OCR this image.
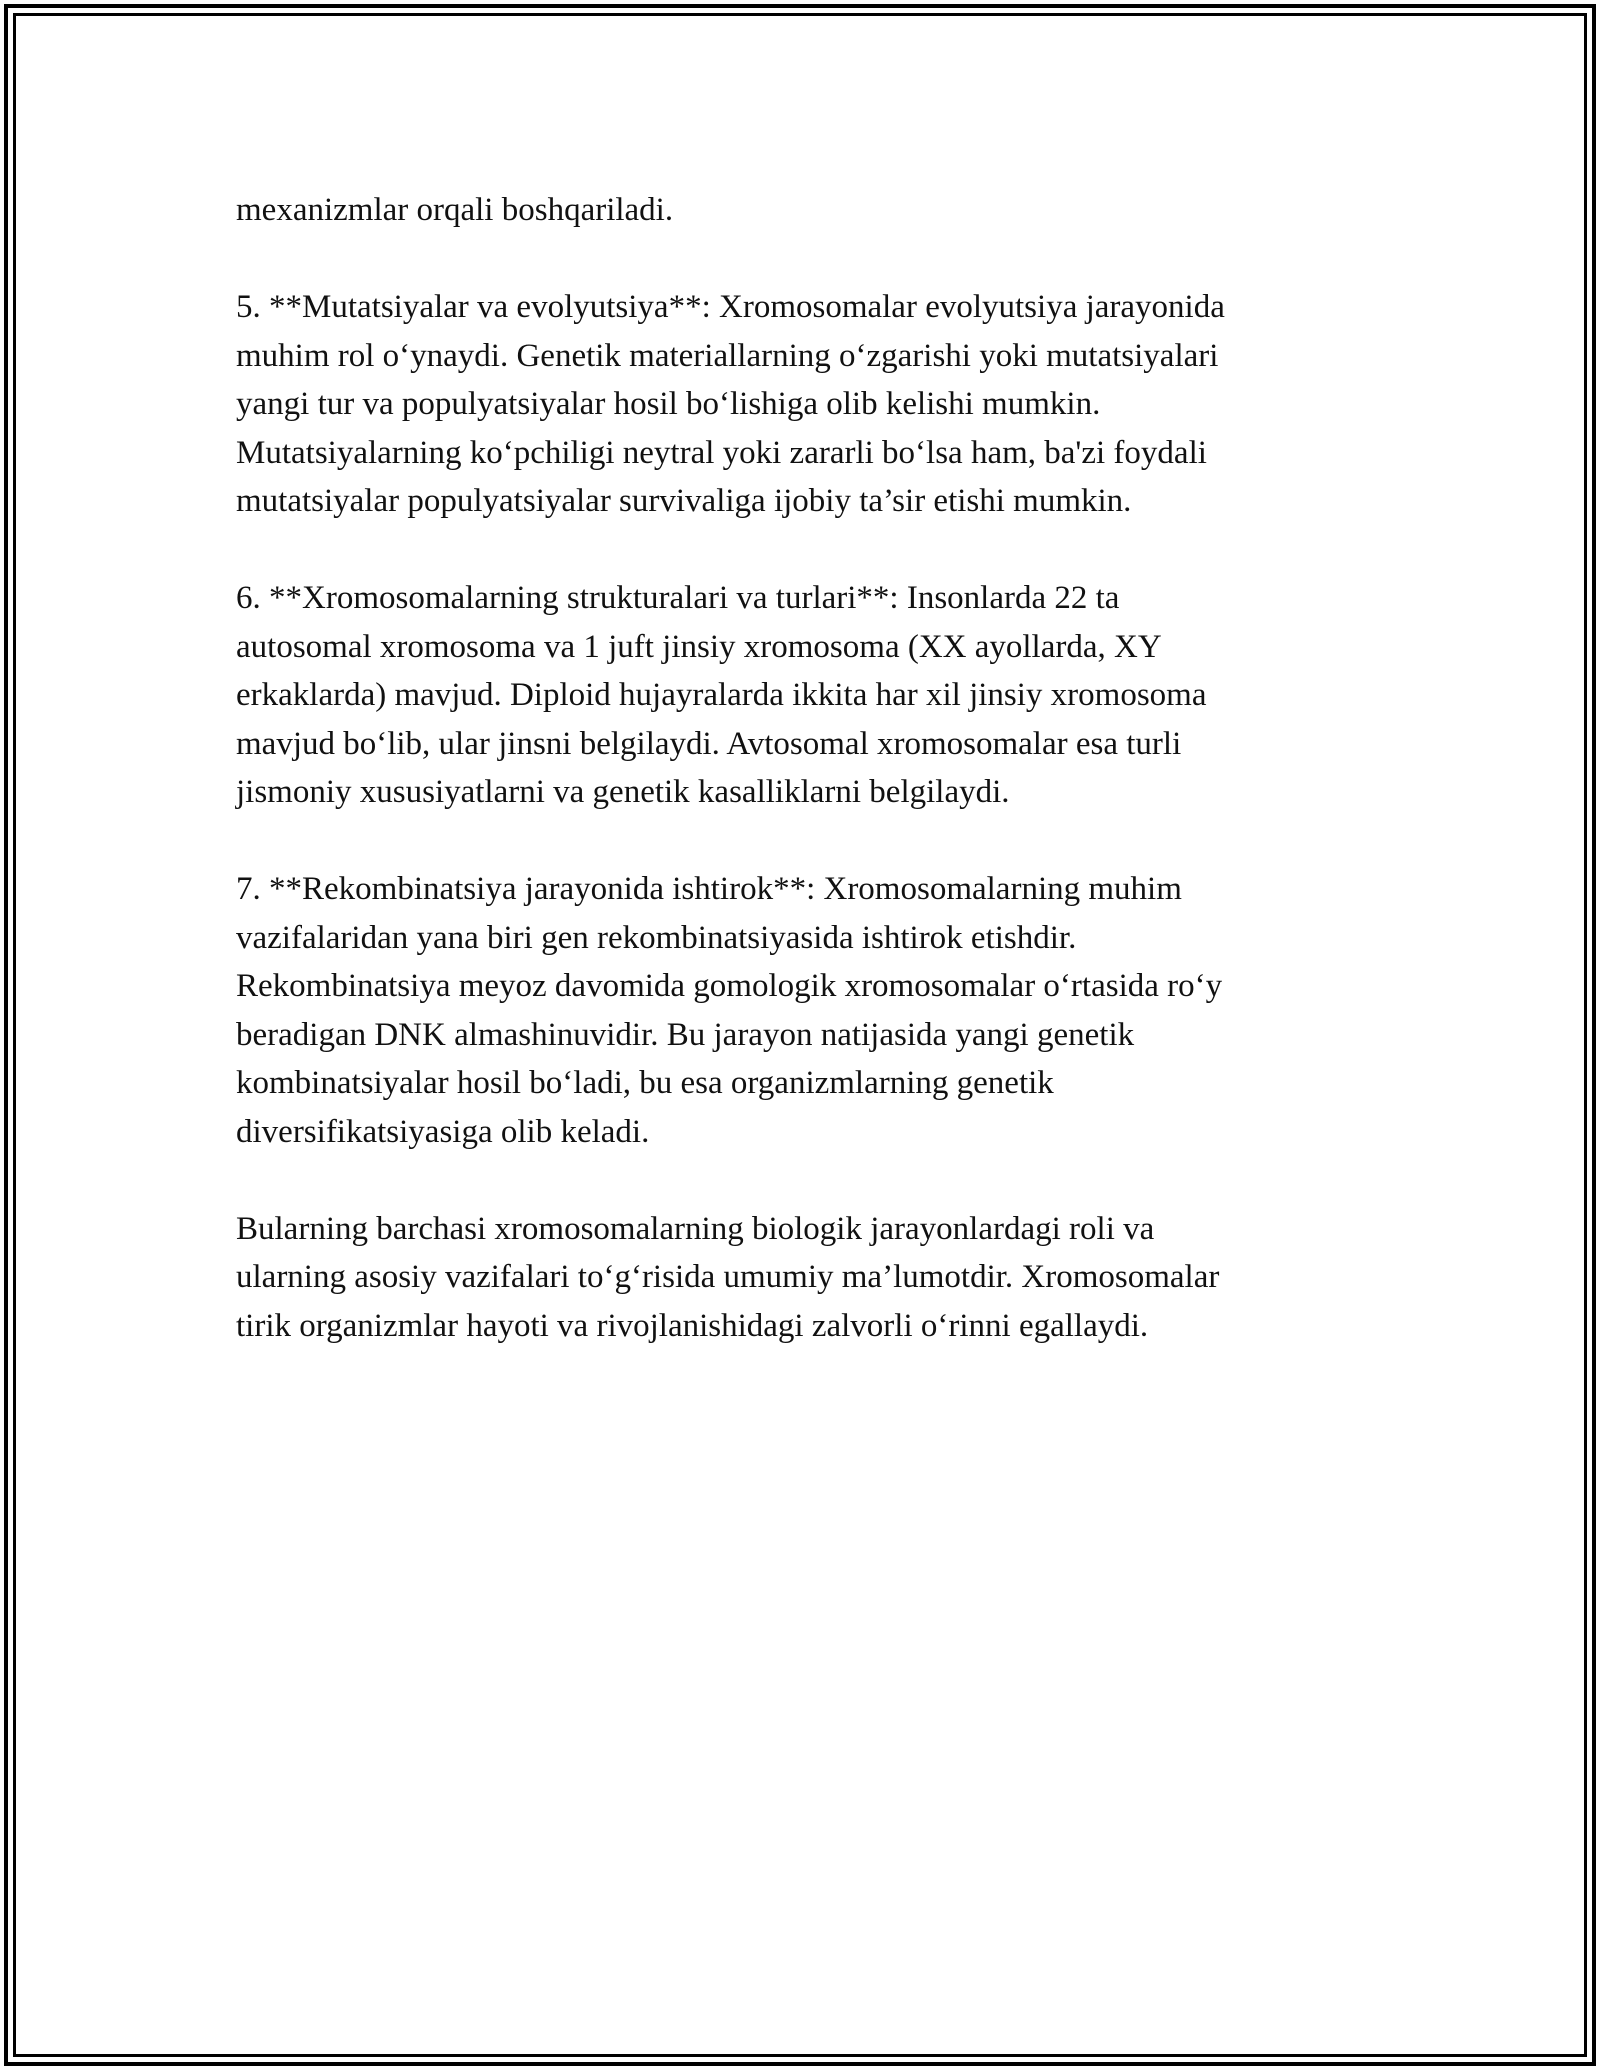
mexanizmlar orqali boshqariladi.

5. **Mutatsiyalar va evolyutsiya**: Xromosomalar evolyutsiya jarayonida
muhim rol o‘ynaydi. Genetik materiallarning o‘zgarishi yoki mutatsiyalari
yangi tur va populyatsiyalar hosil bo‘lishiga olib kelishi mumkin.
Mutatsiyalarning ko‘pchiligi neytral yoki zararli bo‘lsa ham, ba'zi foydali
mutatsiyalar populyatsiyalar survivaliga ijobiy ta’sir etishi mumkin.

6. **Xromosomalarning strukturalari va turlari**: Insonlarda 22 ta
autosomal xromosoma va 1 juft jinsiy xromosoma (XX ayollarda, XY
erkaklarda) mavjud. Diploid hujayralarda ikkita har xil jinsiy xromosoma
mavjud bo‘lib, ular jinsni belgilaydi. Avtosomal xromosomalar esa turli
jismoniy xususiyatlarni va genetik kasalliklarni belgilaydi.

7. **Rekombinatsiya jarayonida ishtirok**: Xromosomalarning muhim
vazifalaridan yana biri gen rekombinatsiyasida ishtirok etishdir.
Rekombinatsiya meyoz davomida gomologik xromosomalar o‘rtasida ro‘y
beradigan DNK almashinuvidir. Bu jarayon natijasida yangi genetik
kombinatsiyalar hosil bo‘ladi, bu esa organizmlarning genetik
diversifikatsiyasiga olib keladi.

Bularning barchasi xromosomalarning biologik jarayonlardagi roli va
ularning asosiy vazifalari to‘g‘risida umumiy ma’lumotdir. Xromosomalar
tirik organizmlar hayoti va rivojlanishidagi zalvorli o‘rinni egallaydi.
